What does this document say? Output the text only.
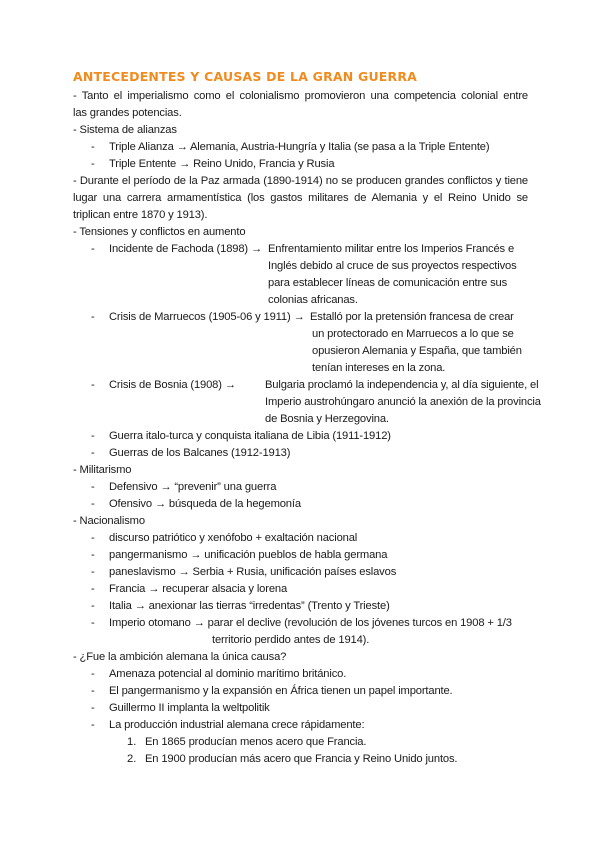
ANTECEDENTES Y CAUSAS DE LA GRAN GUERRA
- Tanto el imperialismo como el colonialismo promovieron una competencia colonial entre
las grandes potencias.
- Sistema de alianzas
- Triple Alianza → Alemania, Austria-Hungría y Italia (se pasa a la Triple Entente)
- Triple Entente → Reino Unido, Francia y Rusia
- Durante el período de la Paz armada (1890-1914) no se producen grandes conflictos y tiene
lugar una carrera armamentística (los gastos militares de Alemania y el Reino Unido se
triplican entre 1870 y 1913).
- Tensiones y conflictos en aumento
- Incidente de Fachoda (1898) → Enfrentamiento militar entre los Imperios Francés e
Inglés debido al cruce de sus proyectos respectivos
para establecer líneas de comunicación entre sus
colonias africanas.
- Crisis de Marruecos (1905-06 y 1911) → Estalló por la pretensión francesa de crear
un protectorado en Marruecos a lo que se
opusieron Alemania y España, que también
tenían intereses en la zona.
- Crisis de Bosnia (1908) →	Bulgaria proclamó la independencia y, al día siguiente, el
Imperio austrohúngaro anunció la anexión de la provincia
de Bosnia y Herzegovina.
- Guerra italo-turca y conquista italiana de Libia (1911-1912)
- Guerras de los Balcanes (1912-1913)
- Militarismo
- Defensivo → “prevenir” una guerra
- Ofensivo → búsqueda de la hegemonía
- Nacionalismo
- discurso patriótico y xenófobo + exaltación nacional
- pangermanismo → unificación pueblos de habla germana
- paneslavismo → Serbia + Rusia, unificación países eslavos
- Francia → recuperar alsacia y lorena
- Italia → anexionar las tierras “irredentas” (Trento y Trieste)
- Imperio otomano → parar el declive (revolución de los jóvenes turcos en 1908 + 1/3
territorio perdido antes de 1914).
- ¿Fue la ambición alemana la única causa?
- Amenaza potencial al dominio marítimo británico.
- El pangermanismo y la expansión en África tienen un papel importante.
- Guillermo II implanta la weltpolitik
- La producción industrial alemana crece rápidamente:
1. En 1865 producían menos acero que Francia.
2. En 1900 producían más acero que Francia y Reino Unido juntos.
